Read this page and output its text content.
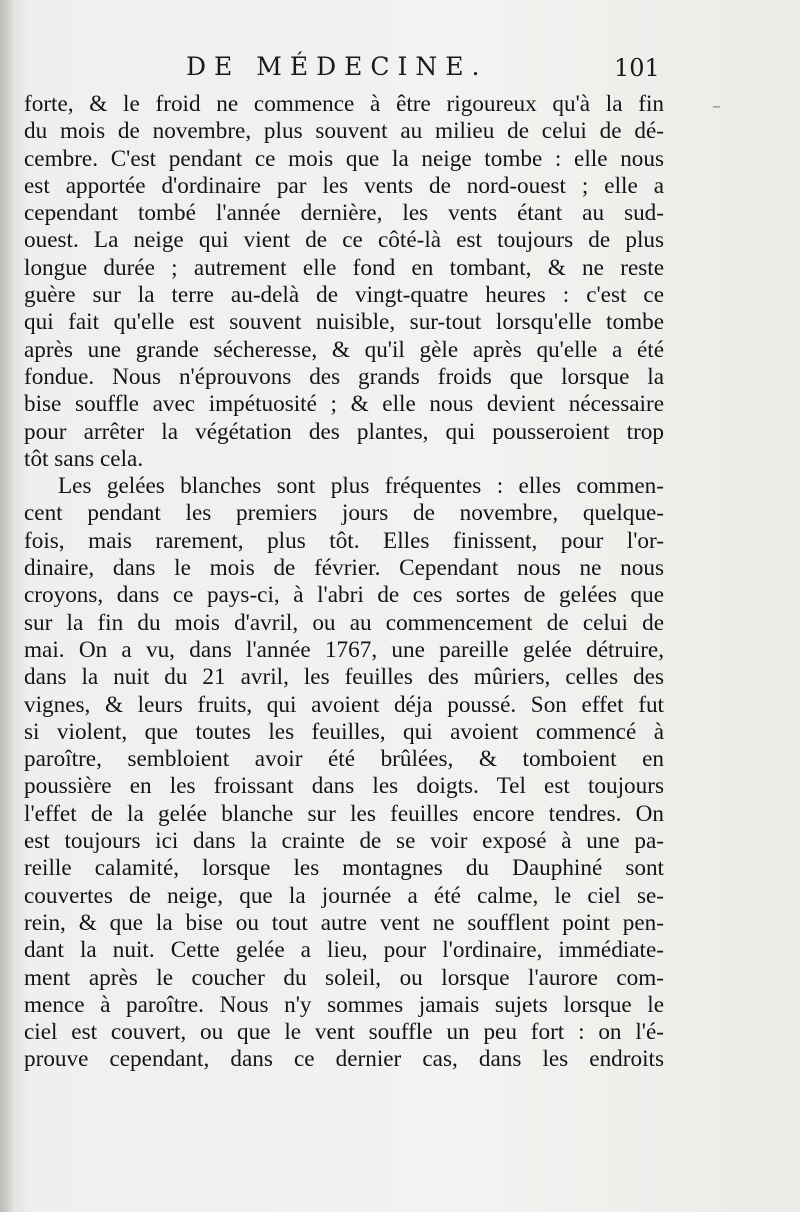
DE MÉDECINE.	101
–
forte, & le froid ne commence à être rigoureux qu'à la fin
du mois de novembre, plus souvent au milieu de celui de dé-
cembre. C'est pendant ce mois que la neige tombe : elle nous
est apportée d'ordinaire par les vents de nord-ouest ; elle a
cependant tombé l'année dernière, les vents étant au sud-
ouest. La neige qui vient de ce côté-là est toujours de plus
longue durée ; autrement elle fond en tombant, & ne reste
guère sur la terre au-delà de vingt-quatre heures : c'est ce
qui fait qu'elle est souvent nuisible, sur-tout lorsqu'elle tombe
après une grande sécheresse, & qu'il gèle après qu'elle a été
fondue. Nous n'éprouvons des grands froids que lorsque la
bise souffle avec impétuosité ; & elle nous devient nécessaire
pour arrêter la végétation des plantes, qui pousseroient trop
tôt sans cela.
Les gelées blanches sont plus fréquentes : elles commen-
cent pendant les premiers jours de novembre, quelque-
fois, mais rarement, plus tôt. Elles finissent, pour l'or-
dinaire, dans le mois de février. Cependant nous ne nous
croyons, dans ce pays-ci, à l'abri de ces sortes de gelées que
sur la fin du mois d'avril, ou au commencement de celui de
mai. On a vu, dans l'année 1767, une pareille gelée détruire,
dans la nuit du 21 avril, les feuilles des mûriers, celles des
vignes, & leurs fruits, qui avoient déja poussé. Son effet fut
si violent, que toutes les feuilles, qui avoient commencé à
paroître, sembloient avoir été brûlées, & tomboient en
poussière en les froissant dans les doigts. Tel est toujours
l'effet de la gelée blanche sur les feuilles encore tendres. On
est toujours ici dans la crainte de se voir exposé à une pa-
reille calamité, lorsque les montagnes du Dauphiné sont
couvertes de neige, que la journée a été calme, le ciel se-
rein, & que la bise ou tout autre vent ne soufflent point pen-
dant la nuit. Cette gelée a lieu, pour l'ordinaire, immédiate-
ment après le coucher du soleil, ou lorsque l'aurore com-
mence à paroître. Nous n'y sommes jamais sujets lorsque le
ciel est couvert, ou que le vent souffle un peu fort : on l'é-
prouve cependant, dans ce dernier cas, dans les endroits
